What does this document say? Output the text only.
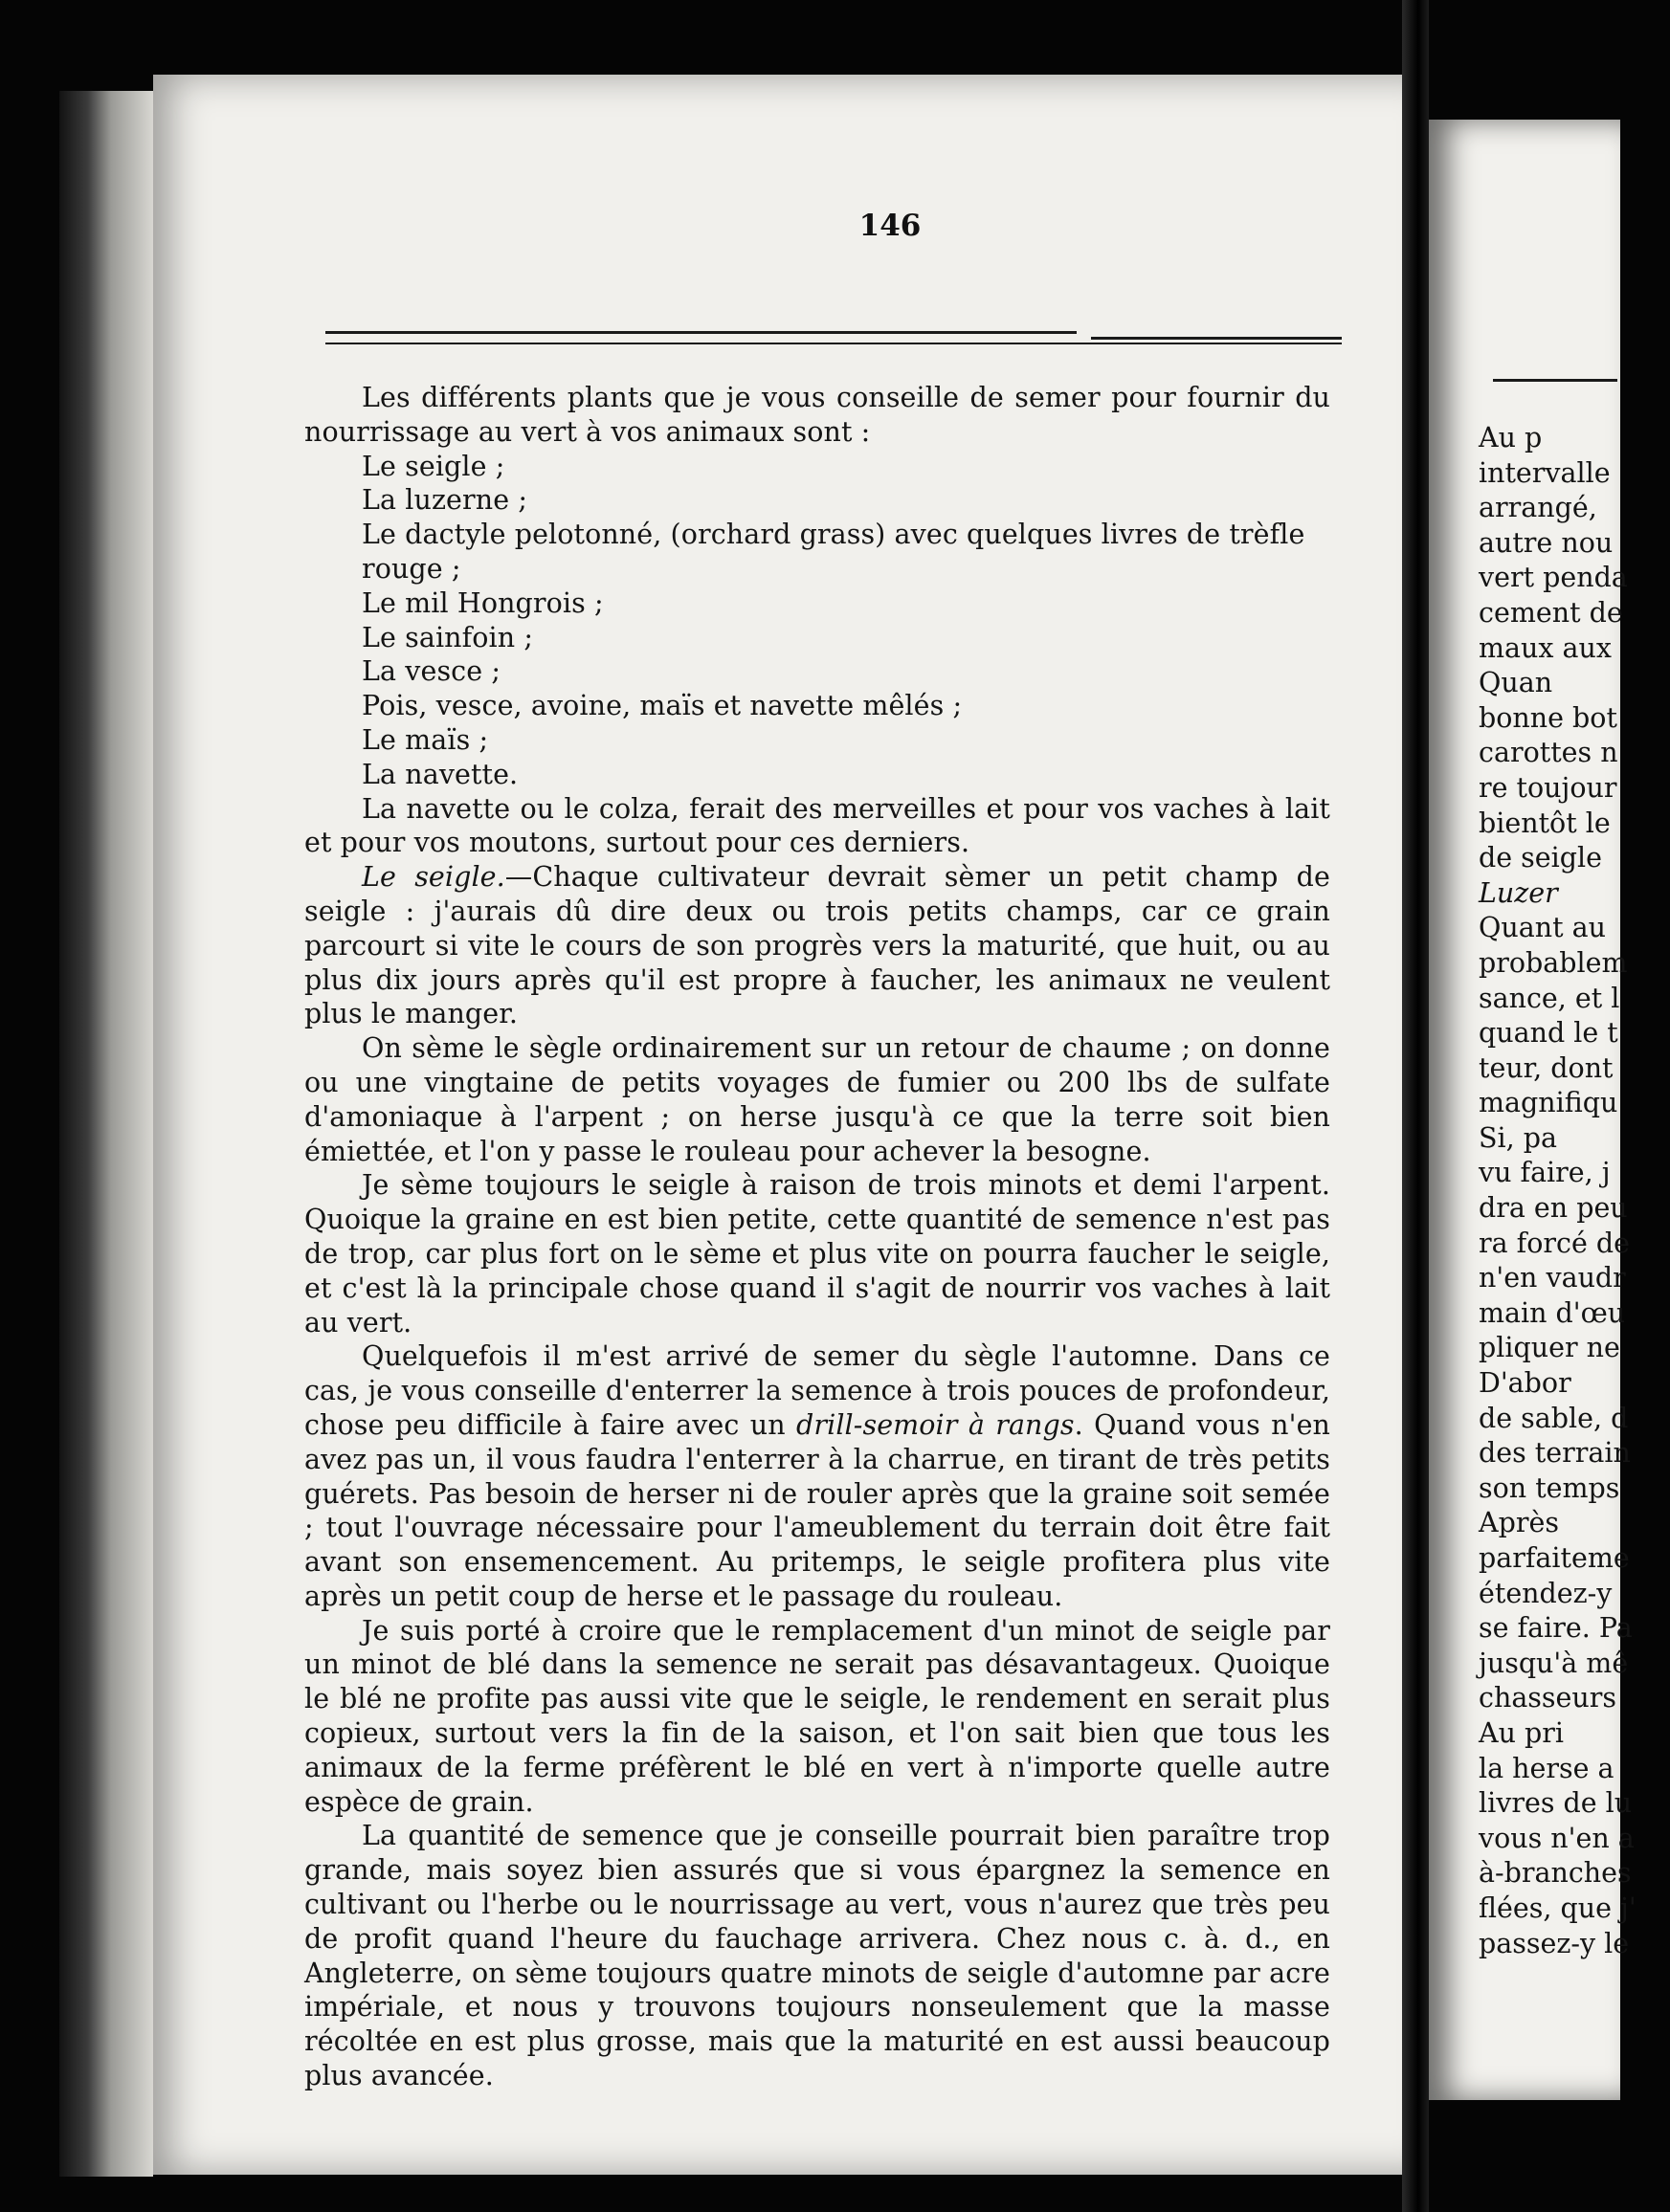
146

Les différents plants que je vous conseille de semer pour fournir du nourrissage au vert à vos animaux sont :

Le seigle ;

La luzerne ;

Le dactyle pelotonné, (orchard grass) avec quelques livres de trèfle rouge ;

Le mil Hongrois ;

Le sainfoin ;

La vesce ;

Pois, vesce, avoine, maïs et navette mêlés ;

Le maïs ;

La navette.

La navette ou le colza, ferait des merveilles et pour vos vaches à lait et pour vos moutons, surtout pour ces derniers.

Le seigle.—Chaque cultivateur devrait sèmer un petit champ de seigle : j'aurais dû dire deux ou trois petits champs, car ce grain parcourt si vite le cours de son progrès vers la maturité, que huit, ou au plus dix jours après qu'il est propre à faucher, les animaux ne veulent plus le manger.

On sème le sègle ordinairement sur un retour de chaume ; on donne ou une vingtaine de petits voyages de fumier ou 200 lbs de sulfate d'amoniaque à l'arpent ; on herse jusqu'à ce que la terre soit bien émiettée, et l'on y passe le rouleau pour achever la besogne.

Je sème toujours le seigle à raison de trois minots et demi l'arpent. Quoique la graine en est bien petite, cette quantité de semence n'est pas de trop, car plus fort on le sème et plus vite on pourra faucher le seigle, et c'est là la principale chose quand il s'agit de nourrir vos vaches à lait au vert.

Quelquefois il m'est arrivé de semer du sègle l'automne. Dans ce cas, je vous conseille d'enterrer la semence à trois pouces de profondeur, chose peu difficile à faire avec un drill-semoir à rangs. Quand vous n'en avez pas un, il vous faudra l'enterrer à la charrue, en tirant de très petits guérets. Pas besoin de herser ni de rouler après que la graine soit semée ; tout l'ouvrage nécessaire pour l'ameublement du terrain doit être fait avant son ensemencement. Au pritemps, le seigle profitera plus vite après un petit coup de herse et le passage du rouleau.

Je suis porté à croire que le remplacement d'un minot de seigle par un minot de blé dans la semence ne serait pas désavantageux. Quoique le blé ne profite pas aussi vite que le seigle, le rendement en serait plus copieux, surtout vers la fin de la saison, et l'on sait bien que tous les animaux de la ferme préfèrent le blé en vert à n'importe quelle autre espèce de grain.

La quantité de semence que je conseille pourrait bien paraître trop grande, mais soyez bien assurés que si vous épargnez la semence en cultivant ou l'herbe ou le nourrissage au vert, vous n'aurez que très peu de profit quand l'heure du fauchage arrivera. Chez nous c. à. d., en Angleterre, on sème toujours quatre minots de seigle d'automne par acre impériale, et nous y trouvons toujours nonseulement que la masse récoltée en est plus grosse, mais que la maturité en est aussi beaucoup plus avancée.

Au p
intervalle
arrangé,
autre nou
vert penda
cement de
maux aux
Quan
bonne bot
carottes n
re toujour
bientôt le
de seigle
Luzer
Quant au
probablem
sance, et l
quand le t
teur, dont
magnifiqu
Si, pa
vu faire, j
dra en peu
ra forcé de
n'en vaudr
main d'œu
pliquer ne
D'abor
de sable, d
des terrain
son temps
Après
parfaiteme
étendez-y
se faire. Pa
jusqu'à mê
chasseurs
Au pri
la herse a
livres de lu
vous n'en a
à-branches
flées, que j'
passez-y le
